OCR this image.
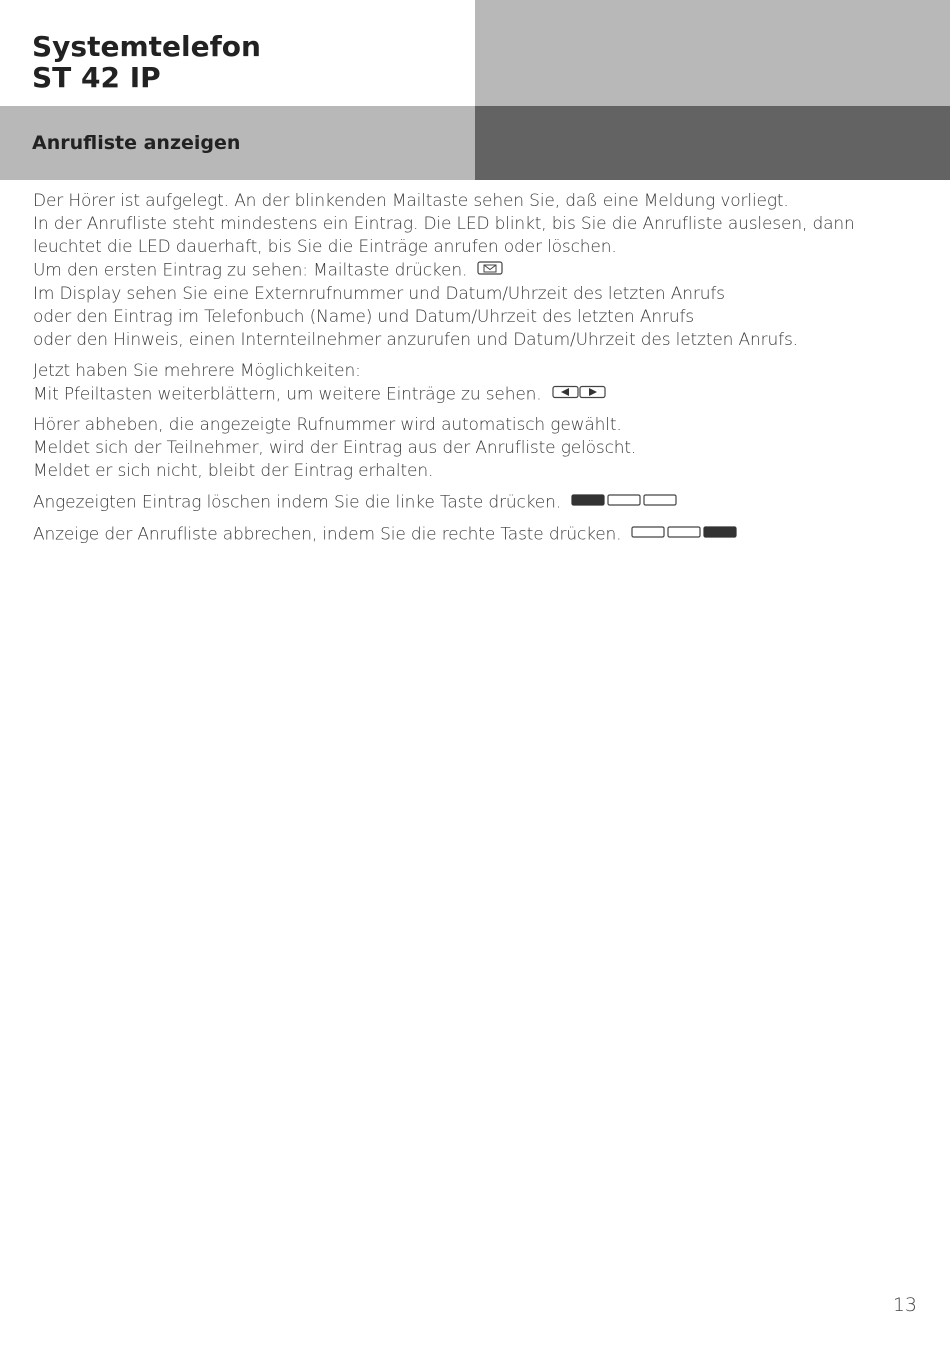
Systemtelefon
ST 42 IP
Anrufliste anzeigen

Der Hörer ist aufgelegt. An der blinkenden Mailtaste sehen Sie, daß eine Meldung vorliegt.
In der Anrufliste steht mindestens ein Eintrag. Die LED blinkt, bis Sie die Anrufliste auslesen, dann leuchtet die LED dauerhaft, bis Sie die Einträge anrufen oder löschen.
Um den ersten Eintrag zu sehen: Mailtaste drücken.
Im Display sehen Sie eine Externrufnummer und Datum/Uhrzeit des letzten Anrufs
oder den Eintrag im Telefonbuch (Name) und Datum/Uhrzeit des letzten Anrufs
oder den Hinweis, einen Internteilnehmer anzurufen und Datum/Uhrzeit des letzten Anrufs.

Jetzt haben Sie mehrere Möglichkeiten:
Mit Pfeiltasten weiterblättern, um weitere Einträge zu sehen.

Hörer abheben, die angezeigte Rufnummer wird automatisch gewählt.
Meldet sich der Teilnehmer, wird der Eintrag aus der Anrufliste gelöscht.
Meldet er sich nicht, bleibt der Eintrag erhalten.

Angezeigten Eintrag löschen indem Sie die linke Taste drücken.

Anzeige der Anrufliste abbrechen, indem Sie die rechte Taste drücken.

13
